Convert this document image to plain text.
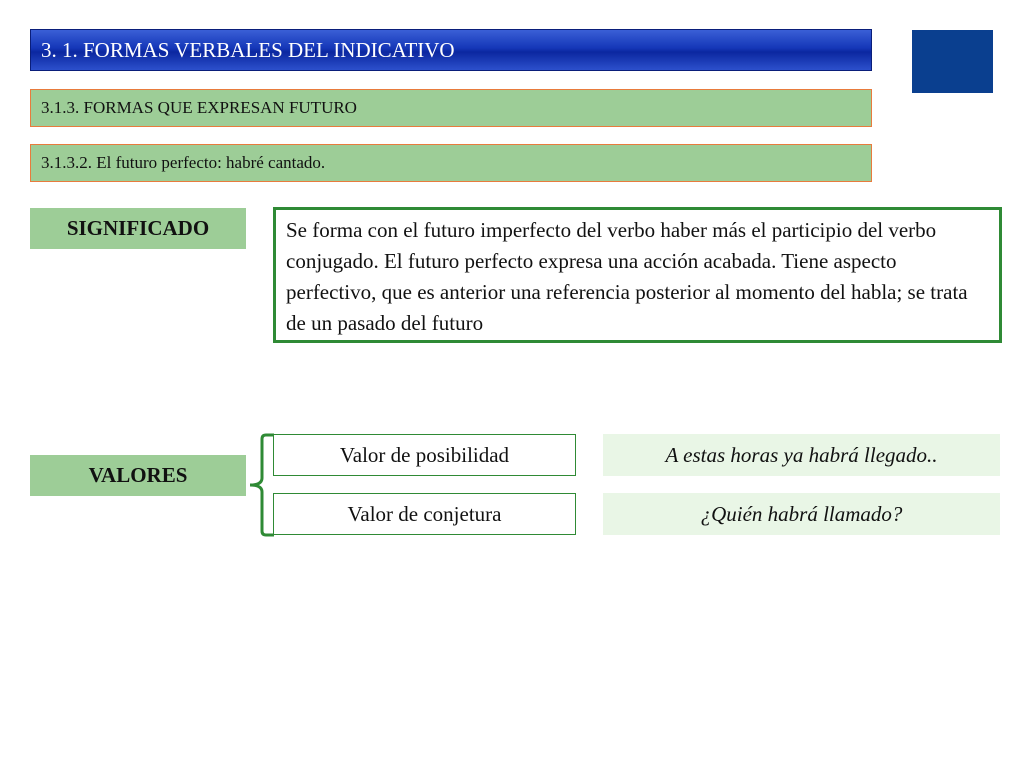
3. 1. FORMAS VERBALES DEL INDICATIVO
3.1.3. FORMAS QUE EXPRESAN FUTURO
3.1.3.2. El futuro perfecto: habré cantado.
SIGNIFICADO	Se forma con el futuro imperfecto del verbo haber más el participio del verbo conjugado. El futuro perfecto expresa una acción acabada. Tiene aspecto perfectivo, que es anterior una referencia posterior al momento del habla; se trata de un pasado del futuro
VALORES
Valor de posibilidad
Valor de conjetura
A estas horas ya habrá llegado..
¿Quién habrá llamado?
